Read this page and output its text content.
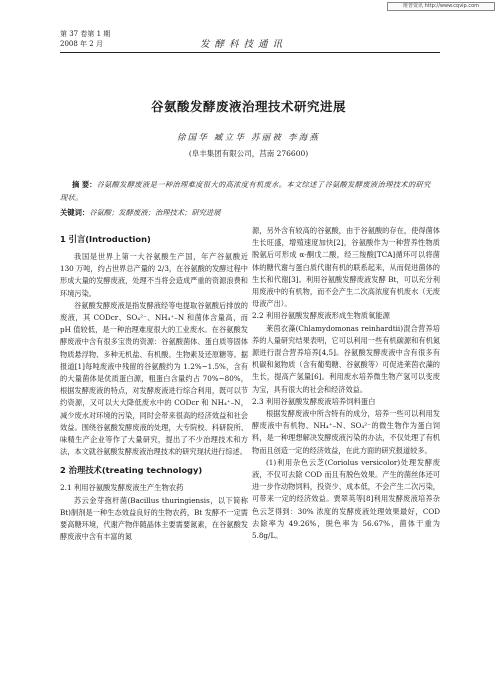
维普资讯 http://www.cqvip.com
第 37 卷第 1 期
2008 年 2 月	发酵科技通讯
谷氨酸发酵废液治理技术研究进展
徐国华 臧立华 苏丽被 李海燕
(阜丰集团有限公司，莒南 276600)
摘 要：谷氨酸发酵废液是一种治理难度很大的高浓度有机废水。本文综述了谷氨酸发酵废液治理技术的研究现状。
关键词：谷氨酸；发酵废液；治理技术；研究进展

1 引言(Introduction)

我国是世界上第一大谷氨酸生产国，年产谷氨酸近 130 万吨，约占世界总产量的 2/3，在谷氨酸的发酵过程中形成大量的发酵废液，处理不当将会造成严重的资源浪费和环境污染。

谷氨酸发酵废液是指发酵液经等电提取谷氨酸后排放的废液，其 CODcr、SO₄²⁻、NH₄⁺–N 和菌体含量高，而 pH 值较低，是一种治理难度很大的工业废水。在谷氨酸发酵废液中含有很多宝贵的资源：谷氨酸菌体、蛋白质等固体物质悬浮物、多种无机盐、有机酸、生物素及还原糖等。据报道[1]每吨废液中残留的谷氨酸约为 1.2%~1.5%，含有的大量菌体是优质蛋白源，粗蛋白含量约占 70%~80%，根据发酵废液的特点，对发酵废液进行综合利用，既可以节约资源，又可以大大降低废水中的 CODcr 和 NH₄⁺–N，减少废水对环境的污染，同时会带来很高的经济效益和社会效益。围绕谷氨酸发酵废液的处理，大专院校、科研院所、味精生产企业等作了大量研究，提出了不少治理技术和方法，本文就谷氨酸发酵废液治理技术的研究现状进行综述。

2 治理技术(treating technology)

2.1 利用谷氨酸发酵废液生产生物农药

苏云金芽孢杆菌(Bacillus thuringiensis，以下简称 Bt)制剂是一种生态效益良好的生物农药，Bt 发酵不一定需要高糖环境，代谢产物伴随晶体主要需要氮素，在谷氨酸发酵废液中含有丰富的氮

源，另外含有较高的谷氨酸，由于谷氨酸的存在，使得菌体生长旺盛，增殖速度加快[2]，谷氨酸作为一种营养性物质脱氨后可形成 α-酮戊二酸，经三羧酸[TCA]循环可以将菌体的糖代谢与蛋白质代谢有机的联系起来，从而促进菌体的生长和代谢[3]。利用谷氨酸发酵废液发酵 Bt，可以充分利用废液中的有机物，而不会产生二次高浓度有机废水（无废母液产出）。

2.2 利用谷氨酸发酵废液形成生物质氧能源

莱茵衣藻(Chlamydomonas reinhardtii)混合营养培养的人量研究结果表明，它可以利用一些有机碳源和有机氮源进行混合营养培养[4,5]。谷氨酸发酵废液中含有很多有机碳和氮物质（含有葡萄糖、谷氨酸等）可促进莱茵衣藻的生长，提高产氢量[6]。利用废水培养微生物产氢可以变废为宝，具有很大的社会和经济效益。

2.3 利用谷氨酸发酵废液培养饲料蛋白

根据发酵废液中所含特有的成分，培养一些可以利用发酵废液中有机物、NH₄⁺–N、SO₄²⁻的微生物作为蛋白饲料，是一种理想解决发酵废液污染的办法，不仅处理了有机物而且创造一定的经济效益，在此方面的研究报道较多。

(1)利用杂色云芝(Coriolus versicolor)处理发酵废液，不仅可去除 COD 而且有脱色效果。产生的菌丝体还可进一步作动物饲料，投资少、成本低，不会产生二次污染，可带来一定的经济效益。贾翠英等[8]利用发酵废液培养杂色云芝得到：30% 浓度的发酵废液处理效果最好，COD 去除率为 49.26%，脱色率为 56.67%，菌体干重为 5.8g/L。
